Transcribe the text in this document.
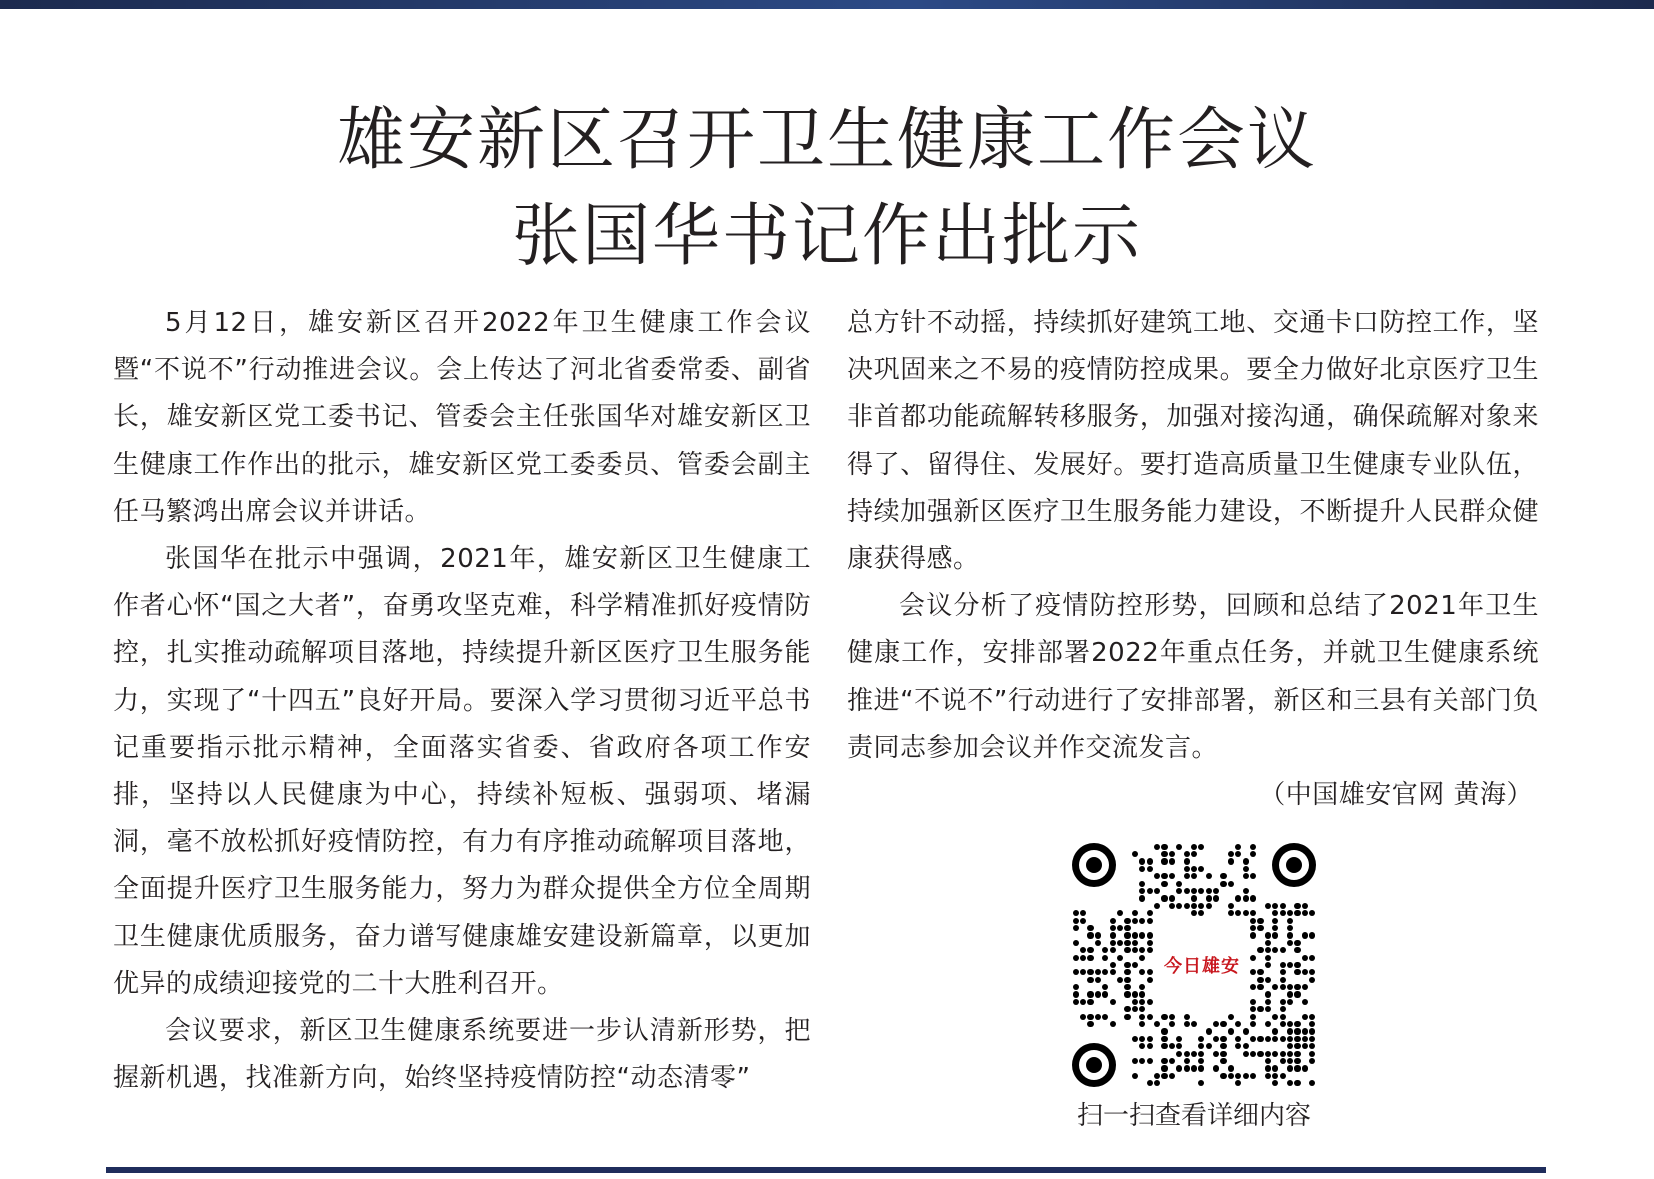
雄安新区召开卫生健康工作会议
张国华书记作出批示

5月12日，雄安新区召开2022年卫生健康工作会议暨“不说不”行动推进会议。会上传达了河北省委常委、副省长，雄安新区党工委书记、管委会主任张国华对雄安新区卫生健康工作作出的批示，雄安新区党工委委员、管委会副主任马繁鸿出席会议并讲话。

张国华在批示中强调，2021年，雄安新区卫生健康工作者心怀“国之大者”，奋勇攻坚克难，科学精准抓好疫情防控，扎实推动疏解项目落地，持续提升新区医疗卫生服务能力，实现了“十四五”良好开局。要深入学习贯彻习近平总书记重要指示批示精神，全面落实省委、省政府各项工作安排，坚持以人民健康为中心，持续补短板、强弱项、堵漏洞，毫不放松抓好疫情防控，有力有序推动疏解项目落地，全面提升医疗卫生服务能力，努力为群众提供全方位全周期卫生健康优质服务，奋力谱写健康雄安建设新篇章，以更加优异的成绩迎接党的二十大胜利召开。

会议要求，新区卫生健康系统要进一步认清新形势，把握新机遇，找准新方向，始终坚持疫情防控“动态清零”

总方针不动摇，持续抓好建筑工地、交通卡口防控工作，坚决巩固来之不易的疫情防控成果。要全力做好北京医疗卫生非首都功能疏解转移服务，加强对接沟通，确保疏解对象来得了、留得住、发展好。要打造高质量卫生健康专业队伍，持续加强新区医疗卫生服务能力建设，不断提升人民群众健康获得感。

会议分析了疫情防控形势，回顾和总结了2021年卫生健康工作，安排部署2022年重点任务，并就卫生健康系统推进“不说不”行动进行了安排部署，新区和三县有关部门负责同志参加会议并作交流发言。

（中国雄安官网 黄海）

今日雄安
扫一扫查看详细内容
